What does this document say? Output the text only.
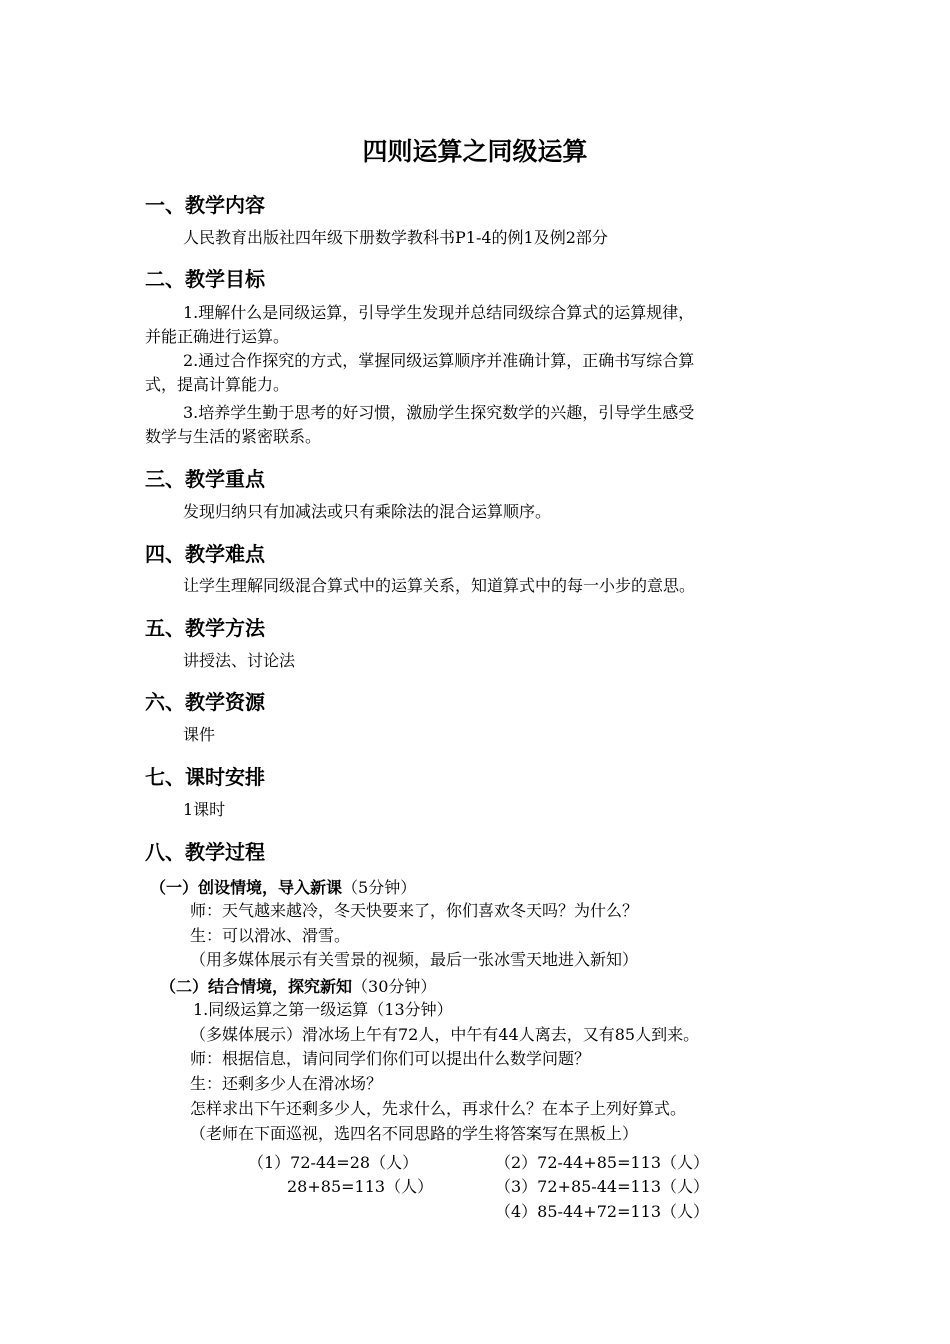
四则运算之同级运算
一、教学内容
人民教育出版社四年级下册数学教科书P1-4的例1及例2部分
二、教学目标
1.理解什么是同级运算，引导学生发现并总结同级综合算式的运算规律，
并能正确进行运算。
2.通过合作探究的方式，掌握同级运算顺序并准确计算，正确书写综合算
式，提高计算能力。
3.培养学生勤于思考的好习惯，激励学生探究数学的兴趣，引导学生感受
数学与生活的紧密联系。
三、教学重点
发现归纳只有加减法或只有乘除法的混合运算顺序。
四、教学难点
让学生理解同级混合算式中的运算关系，知道算式中的每一小步的意思。
五、教学方法
讲授法、讨论法
六、教学资源
课件
七、课时安排
1课时
八、教学过程
（一）创设情境，导入新课（5分钟）
师：天气越来越冷，冬天快要来了，你们喜欢冬天吗？为什么？
生：可以滑冰、滑雪。
（用多媒体展示有关雪景的视频，最后一张冰雪天地进入新知）
（二）结合情境，探究新知（30分钟）
1.同级运算之第一级运算（13分钟）
（多媒体展示）滑冰场上午有72人，中午有44人离去，又有85人到来。
师：根据信息，请问同学们你们可以提出什么数学问题？
生：还剩多少人在滑冰场？
怎样求出下午还剩多少人，先求什么，再求什么？在本子上列好算式。
（老师在下面巡视，选四名不同思路的学生将答案写在黑板上）
（1）72-44=28（人）
28+85=113（人）
（2）72-44+85=113（人）
（3）72+85-44=113（人）
（4）85-44+72=113（人）
